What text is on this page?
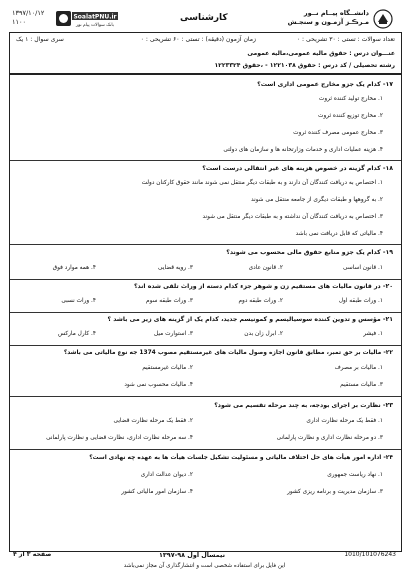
۱۳۹۷/۱۰/۱۲
۱۱۰۰
SoalatPNU.ir
بانک سوالات پیام نور
کارشناسی	دانشــگاه پیــام نــور
مـرڪـز آزمـون و سنجـش
تعداد سوالات : تستی : ۳۰ تشریحی : ۰
زمان آزمون (دقیقه) : تستی : ۶۰ تشریحی : ۰
سری سوال : ۱ یک
عنـــوان درس : حقوق مالیه عمومی،مالیه عمومی
رشته تحصیلی / کد درس : حقوق ۱۲۲۱۰۳۸ - ،حقوق ۱۲۲۳۳۲۴
۱۷- کدام یک جزو مخارج عمومی اداری است؟
۱. مخارج تولید کننده ثروت
۲. مخارج توزیع کننده ثروت
۳. مخارج عمومی مصرف کننده ثروت
۴. هزینه عملیات اداری و خدمات وزارتخانه ها و سازمان های دولتی
۱۸- کدام گزینه در خصوص هزینه های غیر انتقالی درست است؟
۱. اختصاص به دریافت کنندگان آن دارند و به طبقات دیگر منتقل نمی شوند مانند حقوق کارکنان دولت
۲. به گروهها و طبقات دیگری از جامعه منتقل می شوند
۳. اختصاص به دریافت کنندگان آن نداشته و به طبقات دیگر منتقل می شوند
۴. مالیاتی که قابل دریافت نمی باشد
۱۹- کدام یک جزو منابع حقوق مالی محسوب می شوند؟
۱. قانون اساسی
۲. قانون عادی
۳. رویه قضایی
۴. همه موارد فوق
۲۰- در قانون مالیات های مستقیم زن و شوهر جزء کدام دسته از وراث تلقی شده اند؟
۱. وراث طبقه اول
۲. وراث طبقه دوم
۳. وراث طبقه سوم
۴. وراث نسبی
۲۱- مؤسس و تدوین کننده سوسیالیسم و کمونیسم جدید، کدام یک از گزینه های زیر می باشد ؟
۱. فیشر
۲. ابرل زان بدن
۳. استوارت میل
۴. کارل مارکس
۲۲- مالیات بر حق تمبر، مطابق قانون اجازه وصول مالیات های غیرمستقیم مصوب 1374 جه نوع مالیاتی می باشد؟
۱. مالیات بر مصرف
۲. مالیات غیرمستقیم
۳. مالیات مستقیم
۴. مالیات محسوب نمی شود
۲۳- نظارت بر اجرای بودجه، به چند مرحله تقسیم می شود؟
۱. فقط یک مرحله نظارت اداری
۲. فقط یک مرحله نظارت قضایی
۳. دو مرحله نظارت اداری و نظارت پارلمانی
۴. سه مرحله نظارت اداری، نظارت قضایی و نظارت پارلمانی
۲۴- اداره امور هیأت های حل اختلاف مالیاتی و مسئولیت تشکیل جلسات هیأت ها به عهده چه نهادی است؟
۱. نهاد ریاست جمهوری
۲. دیوان عدالت اداری
۳. سازمان مدیریت و برنامه ریزی کشور
۴. سازمان امور مالیاتی کشور
صفحه ۳ از ۴	نیمسال اول ۹۸-۱۳۹۷	1010/101076243
این فایل برای استفاده شخصی است و انتشارگذاری آن مجاز نمی‌باشد
